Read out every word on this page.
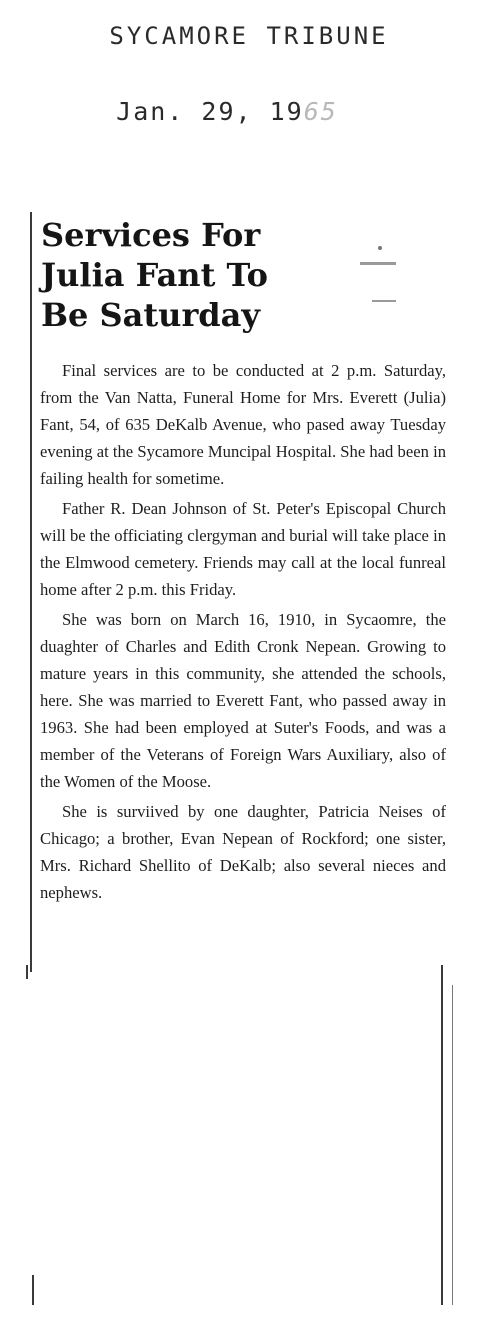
SYCAMORE TRIBUNE
Jan. 29, 1965
Services For
Julia Fant To
Be Saturday

Final services are to be conducted at 2 p.m. Saturday, from the Van Natta, Funeral Home for Mrs. Everett (Julia) Fant, 54, of 635 DeKalb Avenue, who pased away Tuesday evening at the Sycamore Muncipal Hospital. She had been in failing health for sometime.

Father R. Dean Johnson of St. Peter's Episcopal Church will be the officiating clergyman and burial will take place in the Elmwood cemetery. Friends may call at the local funreal home after 2 p.m. this Friday.

She was born on March 16, 1910, in Sycaomre, the duaghter of Charles and Edith Cronk Nepean. Growing to mature years in this community, she attended the schools, here. She was married to Everett Fant, who passed away in 1963. She had been employed at Suter's Foods, and was a member of the Veterans of Foreign Wars Auxiliary, also of the Women of the Moose.

She is surviived by one daughter, Patricia Neises of Chicago; a brother, Evan Nepean of Rockford; one sister, Mrs. Richard Shellito of DeKalb; also several nieces and nephews.
